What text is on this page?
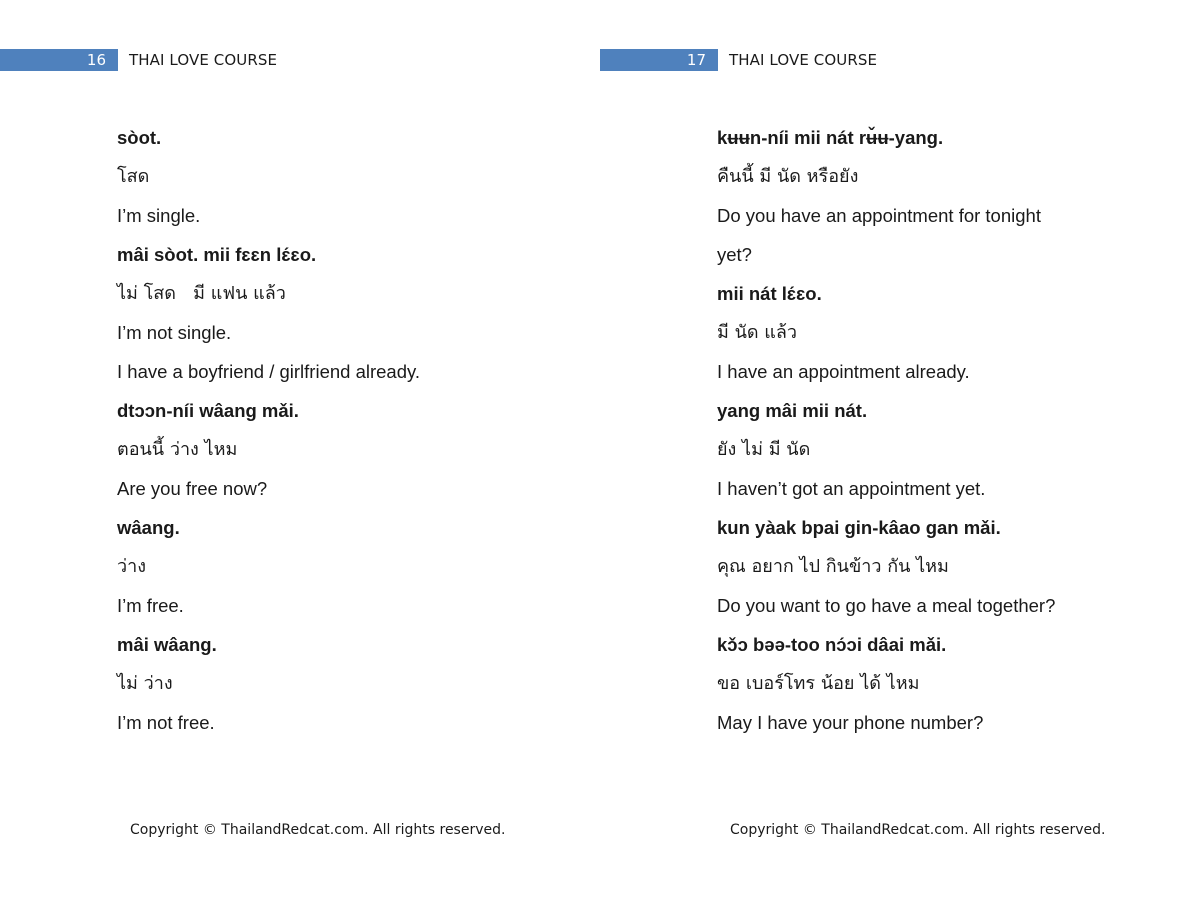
16	THAI LOVE COURSE
sòot.
โสด
I’m single.
mâi sòot. mii fɛɛn lɛ́ɛo.
ไม่ โสด   มี แฟน แล้ว
I’m not single.
I have a boyfriend / girlfriend already.
dtɔɔn-níi wâang mǎi.
ตอนนี้ ว่าง ไหม
Are you free now?
wâang.
ว่าง
I’m free.
mâi wâang.
ไม่ ว่าง
I’m not free.
Copyright © ThailandRedcat.com. All rights reserved.
17	THAI LOVE COURSE
kʉʉn-níi mii nát rʉ̌ʉ-yang.
คืนนี้ มี นัด หรือยัง
Do you have an appointment for tonight
yet?
mii nát lɛ́ɛo.
มี นัด แล้ว
I have an appointment already.
yang mâi mii nát.
ยัง ไม่ มี นัด
I haven’t got an appointment yet.
kun yàak bpai gin-kâao gan mǎi.
คุณ อยาก ไป กินข้าว กัน ไหม
Do you want to go have a meal together?
kɔ̌ɔ bəə-too nɔ́ɔi dâai mǎi.
ขอ เบอร์โทร น้อย ได้ ไหม
May I have your phone number?
Copyright © ThailandRedcat.com. All rights reserved.
